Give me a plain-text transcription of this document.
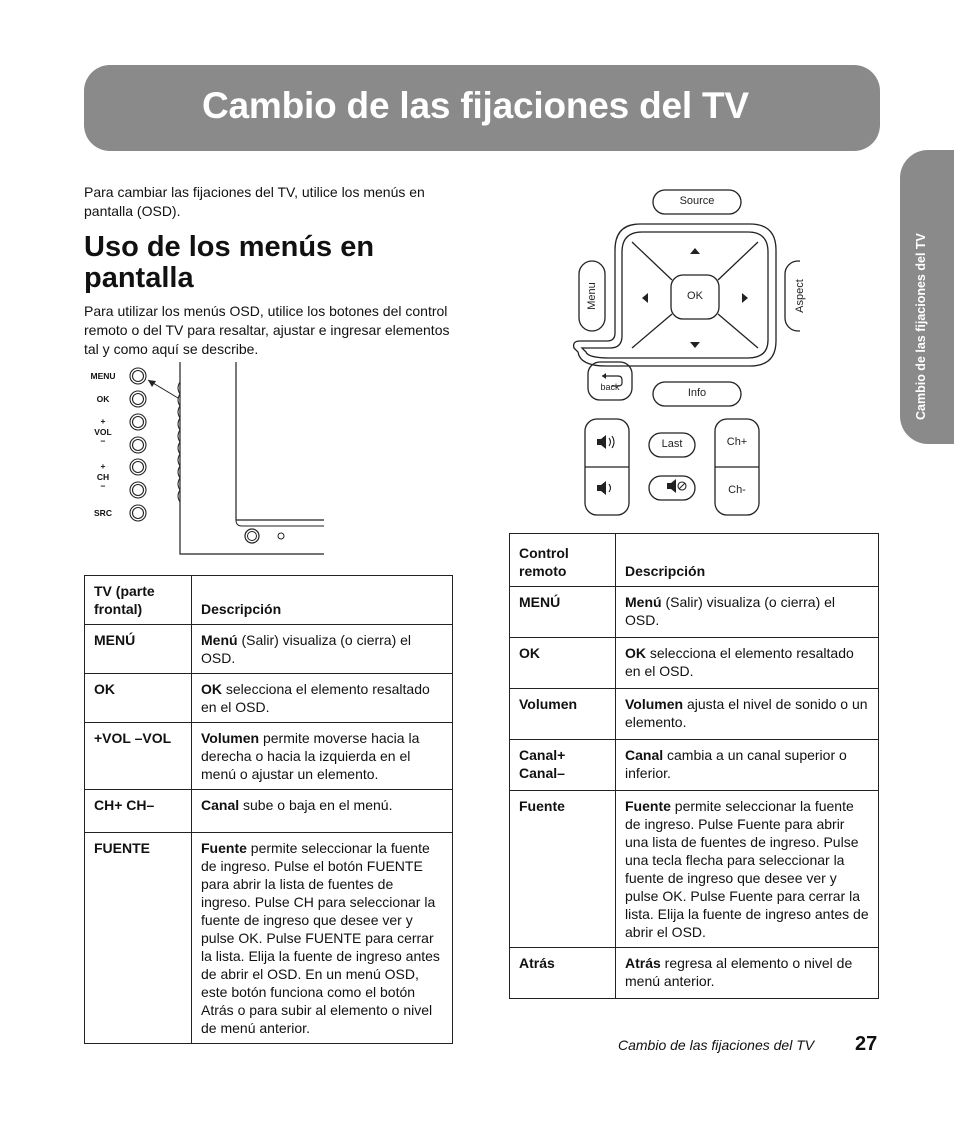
Cambio de las fijaciones del TV
Cambio de las fijaciones del TV

Para cambiar las fijaciones del TV, utilice los menús en pantalla (OSD).

Uso de los menús en pantalla

Para utilizar los menús OSD, utilice los botones del control remoto o del TV para resaltar, ajustar e ingresar elementos tal y como aquí se describe.

MENU
OK
+
VOL
−
+
CH
−
SRC
Source
OK
Menu	Aspect
back	Info
Last	Ch+
Ch-
TV (parte frontal)	Descripción
MENÚ	Menú (Salir) visualiza (o cierra) el OSD.
OK	OK selecciona el elemento resaltado en el OSD.
+VOL –VOL	Volumen permite moverse hacia la derecha o hacia la izquierda en el menú o ajustar un elemento.
CH+ CH–	Canal sube o baja en el menú.
FUENTE	Fuente permite seleccionar la fuente de ingreso. Pulse el botón FUENTE para abrir la lista de fuentes de ingreso. Pulse CH para seleccionar la fuente de ingreso que desee ver y pulse OK. Pulse FUENTE para cerrar la lista. Elija la fuente de ingreso antes de abrir el OSD. En un menú OSD, este botón funciona como el botón Atrás o para subir al elemento o nivel de menú anterior.
Control remoto	Descripción
MENÚ	Menú (Salir) visualiza (o cierra) el OSD.
OK	OK selecciona el elemento resaltado en el OSD.
Volumen	Volumen ajusta el nivel de sonido o un elemento.
Canal+ Canal–	Canal cambia a un canal superior o inferior.
Fuente	Fuente permite seleccionar la fuente de ingreso. Pulse Fuente para abrir una lista de fuentes de ingreso. Pulse una tecla flecha para seleccionar la fuente de ingreso que desee ver y pulse OK. Pulse Fuente para cerrar la lista. Elija la fuente de ingreso antes de abrir el OSD.
Atrás	Atrás regresa al elemento o nivel de menú anterior.
Cambio de las fijaciones del TV 27
